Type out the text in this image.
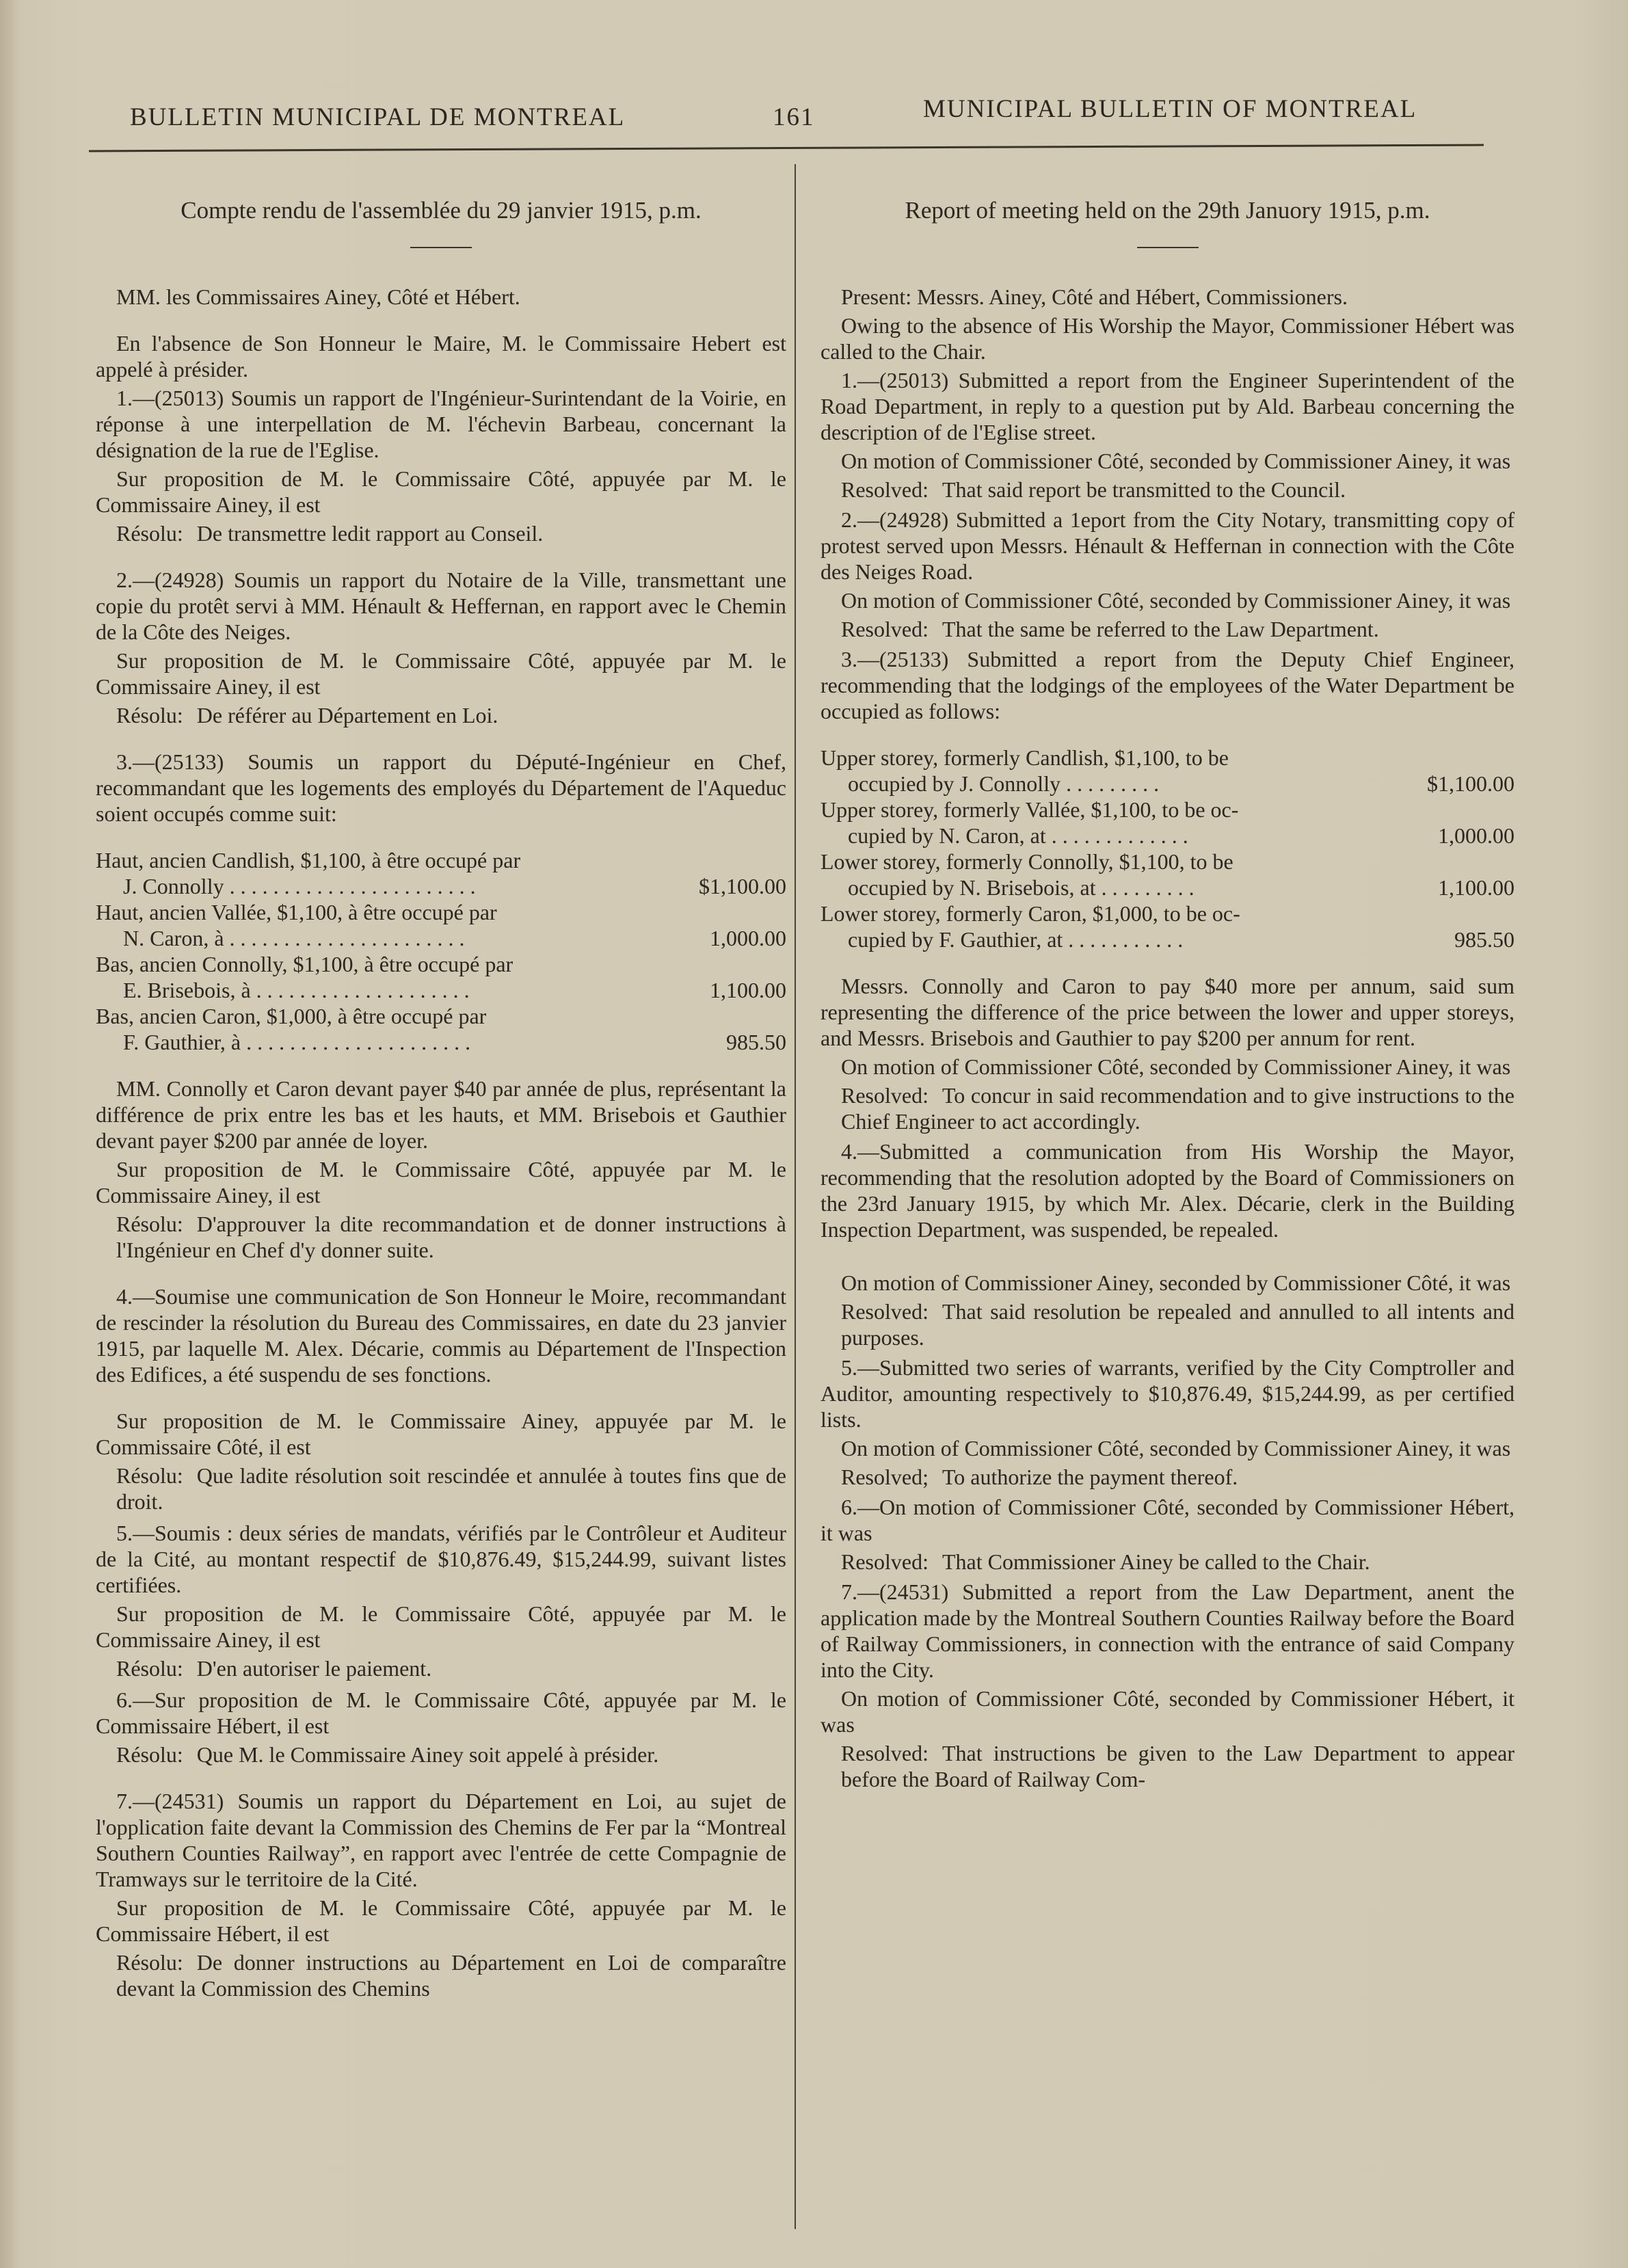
BULLETIN MUNICIPAL DE MONTREAL	161	MUNICIPAL BULLETIN OF MONTREAL
Compte rendu de l'assemblée du 29 janvier 1915, p.m.

MM. les Commissaires Ainey, Côté et Hébert.

En l'absence de Son Honneur le Maire, M. le Commissaire Hebert est appelé à présider.

1.—(25013) Soumis un rapport de l'Ingénieur-Surintendant de la Voirie, en réponse à une interpellation de M. l'échevin Barbeau, concernant la désignation de la rue de l'Eglise.

Sur proposition de M. le Commissaire Côté, appuyée par M. le Commissaire Ainey, il est

Résolu: De transmettre ledit rapport au Conseil.

2.—(24928) Soumis un rapport du Notaire de la Ville, transmettant une copie du protêt servi à MM. Hénault & Heffernan, en rapport avec le Chemin de la Côte des Neiges.

Sur proposition de M. le Commissaire Côté, appuyée par M. le Commissaire Ainey, il est

Résolu: De référer au Département en Loi.

3.—(25133) Soumis un rapport du Député-Ingénieur en Chef, recommandant que les logements des employés du Département de l'Aqueduc soient occupés comme suit:

Haut, ancien Candlish, $1,100, à être occupé par

J. Connolly . . . . . . . . . . . . . . . . . . . . . . .	$1,100.00

Haut, ancien Vallée, $1,100, à être occupé par

N. Caron, à . . . . . . . . . . . . . . . . . . . . . .	1,000.00

Bas, ancien Connolly, $1,100, à être occupé par

E. Brisebois, à . . . . . . . . . . . . . . . . . . . .	1,100.00

Bas, ancien Caron, $1,000, à être occupé par

F. Gauthier, à . . . . . . . . . . . . . . . . . . . . .	985.50

MM. Connolly et Caron devant payer $40 par année de plus, représentant la différence de prix entre les bas et les hauts, et MM. Brisebois et Gauthier devant payer $200 par année de loyer.

Sur proposition de M. le Commissaire Côté, appuyée par M. le Commissaire Ainey, il est

Résolu: D'approuver la dite recommandation et de donner instructions à l'Ingénieur en Chef d'y donner suite.

4.—Soumise une communication de Son Honneur le Moire, recommandant de rescinder la résolution du Bureau des Commissaires, en date du 23 janvier 1915, par laquelle M. Alex. Décarie, commis au Département de l'Inspection des Edifices, a été suspendu de ses fonctions.

Sur proposition de M. le Commissaire Ainey, appuyée par M. le Commissaire Côté, il est

Résolu: Que ladite résolution soit rescindée et annulée à toutes fins que de droit.

5.—Soumis : deux séries de mandats, vérifiés par le Contrôleur et Auditeur de la Cité, au montant respectif de $10,876.49, $15,244.99, suivant listes certifiées.

Sur proposition de M. le Commissaire Côté, appuyée par M. le Commissaire Ainey, il est

Résolu: D'en autoriser le paiement.

6.—Sur proposition de M. le Commissaire Côté, appuyée par M. le Commissaire Hébert, il est

Résolu: Que M. le Commissaire Ainey soit appelé à présider.

7.—(24531) Soumis un rapport du Département en Loi, au sujet de l'opplication faite devant la Commission des Chemins de Fer par la “Montreal Southern Counties Railway”, en rapport avec l'entrée de cette Compagnie de Tramways sur le territoire de la Cité.

Sur proposition de M. le Commissaire Côté, appuyée par M. le Commissaire Hébert, il est

Résolu: De donner instructions au Département en Loi de comparaître devant la Commission des Chemins

Report of meeting held on the 29th Januory 1915, p.m.

Present: Messrs. Ainey, Côté and Hébert, Commissioners.

Owing to the absence of His Worship the Mayor, Commissioner Hébert was called to the Chair.

1.—(25013) Submitted a report from the Engineer Superintendent of the Road Department, in reply to a question put by Ald. Barbeau concerning the description of de l'Eglise street.

On motion of Commissioner Côté, seconded by Commissioner Ainey, it was

Resolved: That said report be transmitted to the Council.

2.—(24928) Submitted a 1eport from the City Notary, transmitting copy of protest served upon Messrs. Hénault & Heffernan in connection with the Côte des Neiges Road.

On motion of Commissioner Côté, seconded by Commissioner Ainey, it was

Resolved: That the same be referred to the Law Department.

3.—(25133) Submitted a report from the Deputy Chief Engineer, recommending that the lodgings of the employees of the Water Department be occupied as follows:

Upper storey, formerly Candlish, $1,100, to be

occupied by J. Connolly . . . . . . . . .	$1,100.00

Upper storey, formerly Vallée, $1,100, to be oc-

cupied by N. Caron, at . . . . . . . . . . . . .	1,000.00

Lower storey, formerly Connolly, $1,100, to be

occupied by N. Brisebois, at . . . . . . . . .	1,100.00

Lower storey, formerly Caron, $1,000, to be oc-

cupied by F. Gauthier, at . . . . . . . . . . .	985.50

Messrs. Connolly and Caron to pay $40 more per annum, said sum representing the difference of the price between the lower and upper storeys, and Messrs. Brisebois and Gauthier to pay $200 per annum for rent.

On motion of Commissioner Côté, seconded by Commissioner Ainey, it was

Resolved: To concur in said recommendation and to give instructions to the Chief Engineer to act accordingly.

4.—Submitted a communication from His Worship the Mayor, recommending that the resolution adopted by the Board of Commissioners on the 23rd January 1915, by which Mr. Alex. Décarie, clerk in the Building Inspection Department, was suspended, be repealed.

On motion of Commissioner Ainey, seconded by Commissioner Côté, it was

Resolved: That said resolution be repealed and annulled to all intents and purposes.

5.—Submitted two series of warrants, verified by the City Comptroller and Auditor, amounting respectively to $10,876.49, $15,244.99, as per certified lists.

On motion of Commissioner Côté, seconded by Commissioner Ainey, it was

Resolved; To authorize the payment thereof.

6.—On motion of Commissioner Côté, seconded by Commissioner Hébert, it was

Resolved: That Commissioner Ainey be called to the Chair.

7.—(24531) Submitted a report from the Law Department, anent the application made by the Montreal Southern Counties Railway before the Board of Railway Commissioners, in connection with the entrance of said Company into the City.

On motion of Commissioner Côté, seconded by Commissioner Hébert, it was

Resolved: That instructions be given to the Law Department to appear before the Board of Railway Com-
